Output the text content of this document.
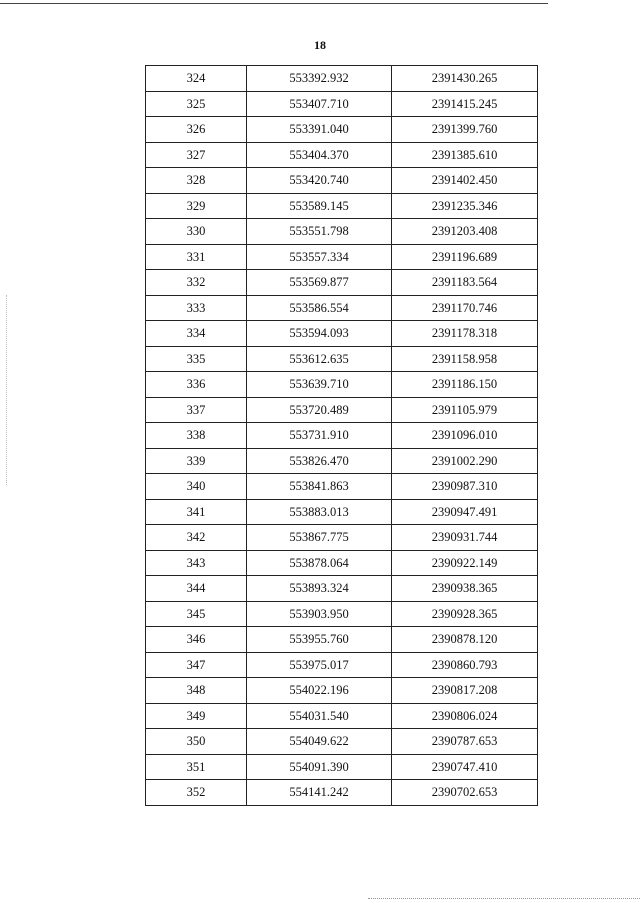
18
324	553392.932	2391430.265
325	553407.710	2391415.245
326	553391.040	2391399.760
327	553404.370	2391385.610
328	553420.740	2391402.450
329	553589.145	2391235.346
330	553551.798	2391203.408
331	553557.334	2391196.689
332	553569.877	2391183.564
333	553586.554	2391170.746
334	553594.093	2391178.318
335	553612.635	2391158.958
336	553639.710	2391186.150
337	553720.489	2391105.979
338	553731.910	2391096.010
339	553826.470	2391002.290
340	553841.863	2390987.310
341	553883.013	2390947.491
342	553867.775	2390931.744
343	553878.064	2390922.149
344	553893.324	2390938.365
345	553903.950	2390928.365
346	553955.760	2390878.120
347	553975.017	2390860.793
348	554022.196	2390817.208
349	554031.540	2390806.024
350	554049.622	2390787.653
351	554091.390	2390747.410
352	554141.242	2390702.653
